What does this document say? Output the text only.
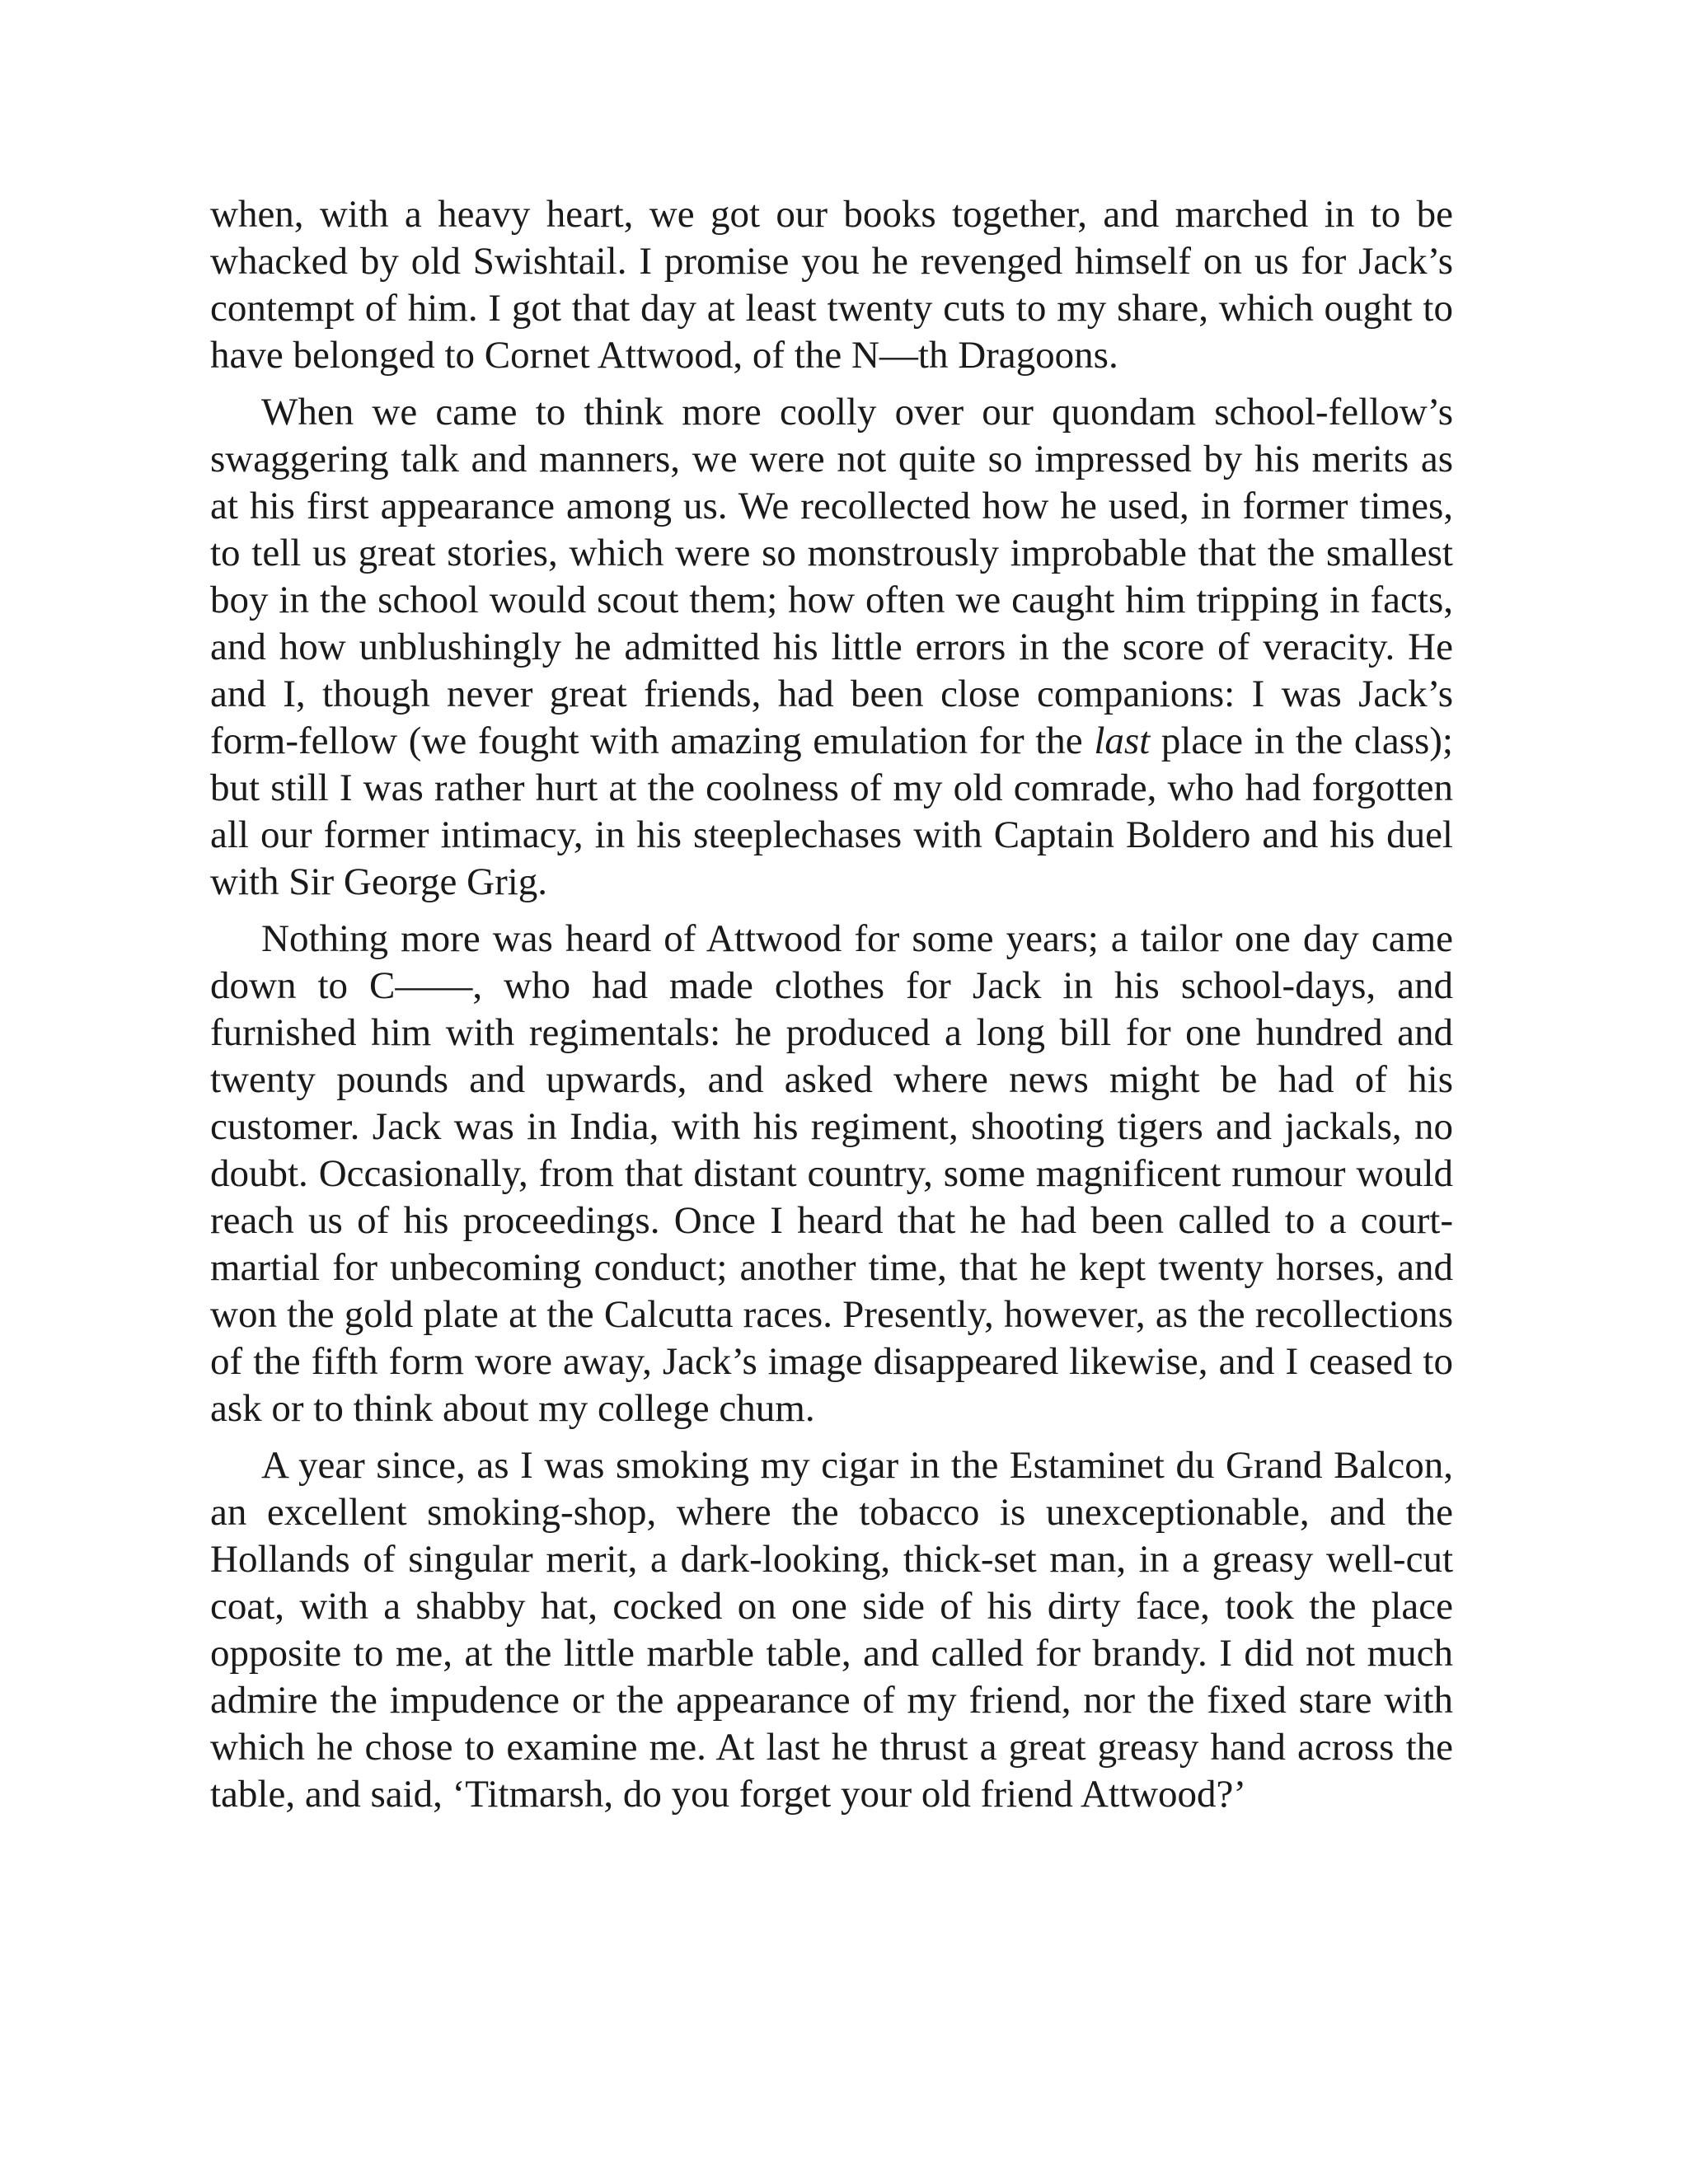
when, with a heavy heart, we got our books together, and marched in to be whacked by old Swishtail. I promise you he revenged himself on us for Jack’s contempt of him. I got that day at least twenty cuts to my share, which ought to have belonged to Cornet Attwood, of the N—th Dragoons.

When we came to think more coolly over our quondam school-fellow’s swaggering talk and manners, we were not quite so impressed by his merits as at his first appearance among us. We recollected how he used, in former times, to tell us great stories, which were so monstrously improbable that the smallest boy in the school would scout them; how often we caught him tripping in facts, and how unblushingly he admitted his little errors in the score of veracity. He and I, though never great friends, had been close companions: I was Jack’s form-fellow (we fought with amazing emulation for the last place in the class); but still I was rather hurt at the coolness of my old comrade, who had forgotten all our former intimacy, in his steeplechases with Captain Boldero and his duel with Sir George Grig.

Nothing more was heard of Attwood for some years; a tailor one day came down to C——, who had made clothes for Jack in his school-days, and furnished him with regimentals: he produced a long bill for one hundred and twenty pounds and upwards, and asked where news might be had of his customer. Jack was in India, with his regiment, shooting tigers and jackals, no doubt. Occasionally, from that distant country, some magnificent rumour would reach us of his proceedings. Once I heard that he had been called to a court-martial for unbecoming conduct; another time, that he kept twenty horses, and won the gold plate at the Calcutta races. Presently, however, as the recollections of the fifth form wore away, Jack’s image disappeared likewise, and I ceased to ask or to think about my college chum.

A year since, as I was smoking my cigar in the Estaminet du Grand Balcon, an excellent smoking-shop, where the tobacco is unexceptionable, and the Hollands of singular merit, a dark-looking, thick-set man, in a greasy well-cut coat, with a shabby hat, cocked on one side of his dirty face, took the place opposite to me, at the little marble table, and called for brandy. I did not much admire the impudence or the appearance of my friend, nor the fixed stare with which he chose to examine me. At last he thrust a great greasy hand across the table, and said, ‘Titmarsh, do you forget your old friend Attwood?’
